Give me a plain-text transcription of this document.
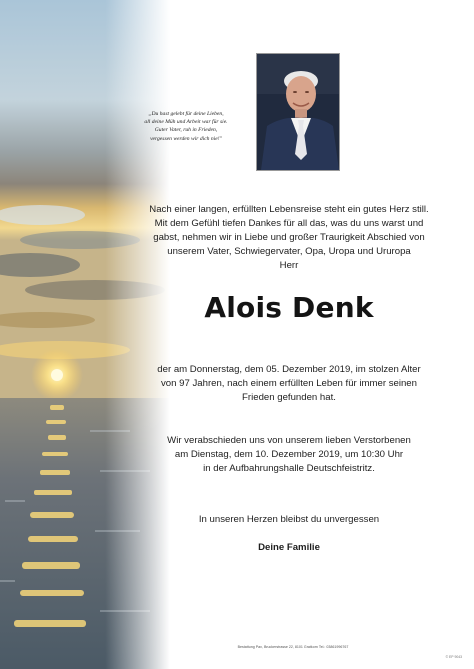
„Du hast gelebt für deine Lieben,
all deine Müh und Arbeit war für sie.
Guter Vater, ruh in Frieden,
vergessen werden wir dich nie!"
Nach einer langen, erfüllten Lebensreise steht ein gutes Herz still.
Mit dem Gefühl tiefen Dankes für all das, was du uns warst und
gabst, nehmen wir in Liebe und großer Traurigkeit Abschied von
unserem Vater, Schwiegervater, Opa, Uropa und Ururopa
Herr
Alois Denk
der am Donnerstag, dem 05. Dezember 2019, im stolzen Alter
von 97 Jahren, nach einem erfüllten Leben für immer seinen
Frieden gefunden hat.
Wir verabschieden uns von unserem lieben Verstorbenen
am Dienstag, dem 10. Dezember 2019, um 10:30 Uhr
in der Aufbahrungshalle Deutschfeistritz.
In unseren Herzen bleibst du unvergessen
Deine Familie
Bestattung Pax, Bruckerstrasse 22, 8101 Gratkorn Tel.: 03861996767
© EP 9043
